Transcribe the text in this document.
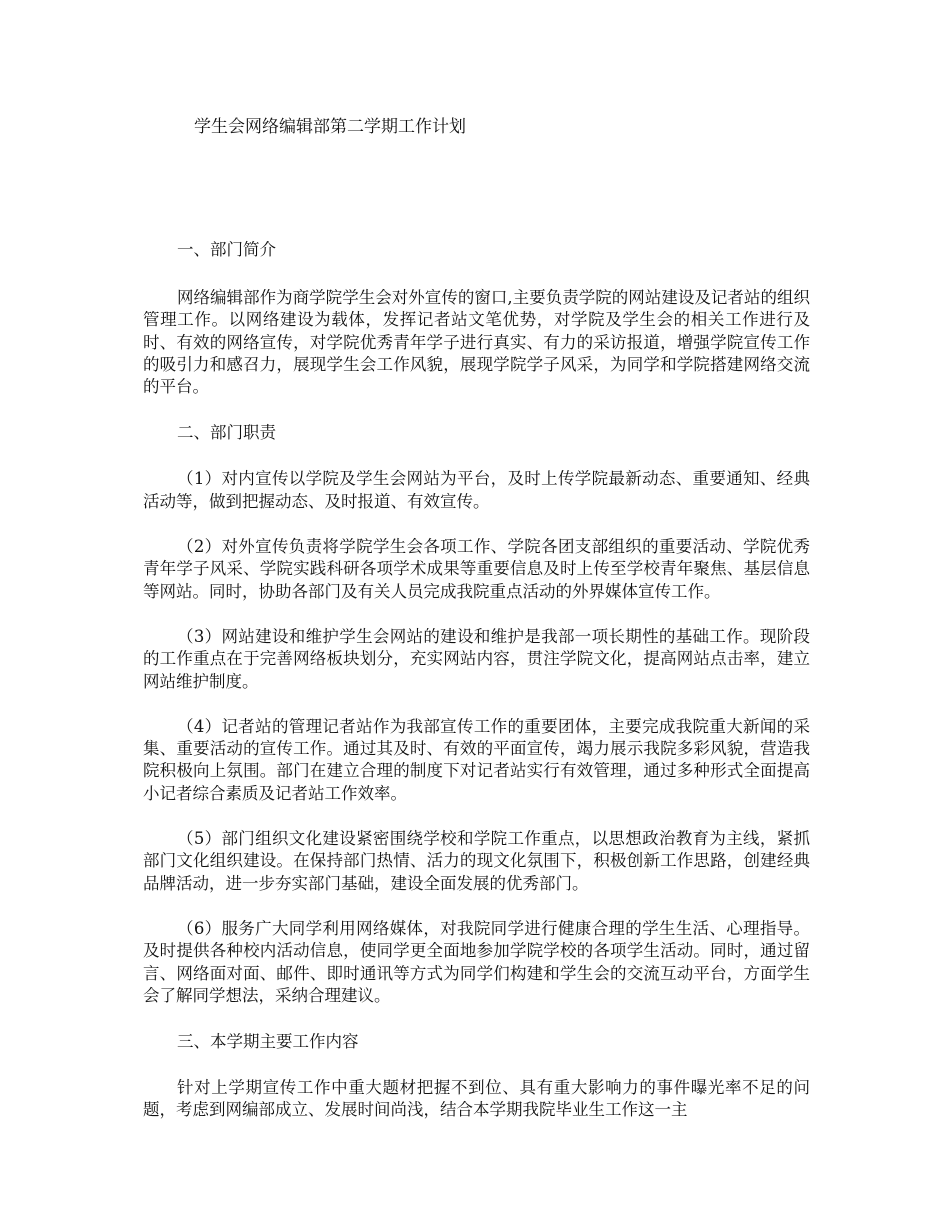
学生会网络编辑部第二学期工作计划
一、部门简介

网络编辑部作为商学院学生会对外宣传的窗口,主要负责学院的网站建设及记者站的组织管理工作。以网络建设为载体，发挥记者站文笔优势，对学院及学生会的相关工作进行及时、有效的网络宣传，对学院优秀青年学子进行真实、有力的采访报道，增强学院宣传工作的吸引力和感召力，展现学生会工作风貌，展现学院学子风采，为同学和学院搭建网络交流的平台。

二、部门职责

（1）对内宣传以学院及学生会网站为平台，及时上传学院最新动态、重要通知、经典活动等，做到把握动态、及时报道、有效宣传。

（2）对外宣传负责将学院学生会各项工作、学院各团支部组织的重要活动、学院优秀青年学子风采、学院实践科研各项学术成果等重要信息及时上传至学校青年聚焦、基层信息等网站。同时，协助各部门及有关人员完成我院重点活动的外界媒体宣传工作。

（3）网站建设和维护学生会网站的建设和维护是我部一项长期性的基础工作。现阶段的工作重点在于完善网络板块划分，充实网站内容，贯注学院文化，提高网站点击率，建立网站维护制度。

（4）记者站的管理记者站作为我部宣传工作的重要团体，主要完成我院重大新闻的采集、重要活动的宣传工作。通过其及时、有效的平面宣传，竭力展示我院多彩风貌，营造我院积极向上氛围。部门在建立合理的制度下对记者站实行有效管理，通过多种形式全面提高小记者综合素质及记者站工作效率。

（5）部门组织文化建设紧密围绕学校和学院工作重点，以思想政治教育为主线，紧抓部门文化组织建设。在保持部门热情、活力的现文化氛围下，积极创新工作思路，创建经典品牌活动，进一步夯实部门基础，建设全面发展的优秀部门。

（6）服务广大同学利用网络媒体，对我院同学进行健康合理的学生生活、心理指导。及时提供各种校内活动信息，使同学更全面地参加学院学校的各项学生活动。同时，通过留言、网络面对面、邮件、即时通讯等方式为同学们构建和学生会的交流互动平台，方面学生会了解同学想法，采纳合理建议。

三、本学期主要工作内容

针对上学期宣传工作中重大题材把握不到位、具有重大影响力的事件曝光率不足的问题，考虑到网编部成立、发展时间尚浅，结合本学期我院毕业生工作这一主
